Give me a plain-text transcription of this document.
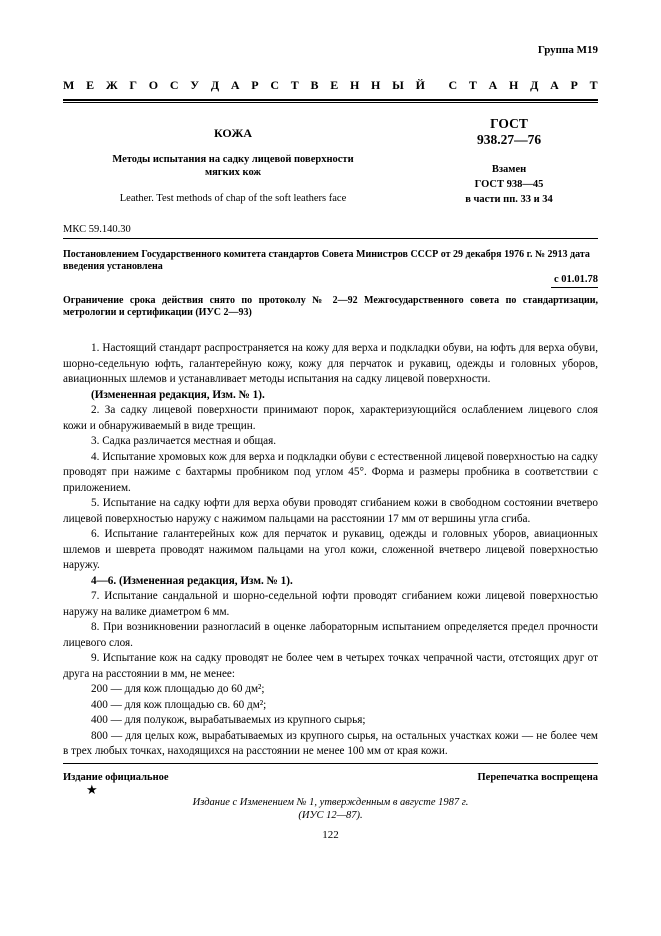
Группа М19
М Е Ж Г О С У Д А Р С Т В Е Н Н Ы Й С Т А Н Д А Р Т
КОЖА
Методы испытания на садку лицевой поверхности
мягких кож
Leather. Test methods of chap of the soft leathers face
ГОСТ
938.27—76
Взамен
ГОСТ 938—45
в части пп. 33 и 34
МКС 59.140.30
Постановлением Государственного комитета стандартов Совета Министров СССР от 29 декабря 1976 г. № 2913 дата введения установлена
с 01.01.78
Ограничение срока действия снято по протоколу № 2—92 Межгосударственного совета по стандартизации, метрологии и сертификации (ИУС 2—93)

1. Настоящий стандарт распространяется на кожу для верха и подкладки обуви, на юфть для верха обуви, шорно-седельную юфть, галантерейную кожу, кожу для перчаток и рукавиц, одежды и головных уборов, авиационных шлемов и устанавливает методы испытания на садку лицевой поверхности.

(Измененная редакция, Изм. № 1).

2. За садку лицевой поверхности принимают порок, характеризующийся ослаблением лицевого слоя кожи и обнаруживаемый в виде трещин.

3. Садка различается местная и общая.

4. Испытание хромовых кож для верха и подкладки обуви с естественной лицевой поверхностью на садку проводят при нажиме с бахтармы пробником под углом 45°. Форма и размеры пробника в соответствии с приложением.

5. Испытание на садку юфти для верха обуви проводят сгибанием кожи в свободном состоянии вчетверо лицевой поверхностью наружу с нажимом пальцами на расстоянии 17 мм от вершины угла сгиба.

6. Испытание галантерейных кож для перчаток и рукавиц, одежды и головных уборов, авиационных шлемов и шеврета проводят нажимом пальцами на угол кожи, сложенной вчетверо лицевой поверхностью наружу.

4—6. (Измененная редакция, Изм. № 1).

7. Испытание сандальной и шорно-седельной юфти проводят сгибанием кожи лицевой поверхностью наружу на валике диаметром 6 мм.

8. При возникновении разногласий в оценке лабораторным испытанием определяется предел прочности лицевого слоя.

9. Испытание кож на садку проводят не более чем в четырех точках чепрачной части, отстоящих друг от друга на расстоянии в мм, не менее:

200 — для кож площадью до 60 дм²;

400 — для кож площадью св. 60 дм²;

400 — для полукож, вырабатываемых из крупного сырья;

800 — для целых кож, вырабатываемых из крупного сырья, на остальных участках кожи — не более чем в трех любых точках, находящихся на расстоянии не менее 100 мм от края кожи.

Издание официальное	Перепечатка воспрещена
★
Издание с Изменением № 1, утвержденным в августе 1987 г.
(ИУС 12—87).
122
